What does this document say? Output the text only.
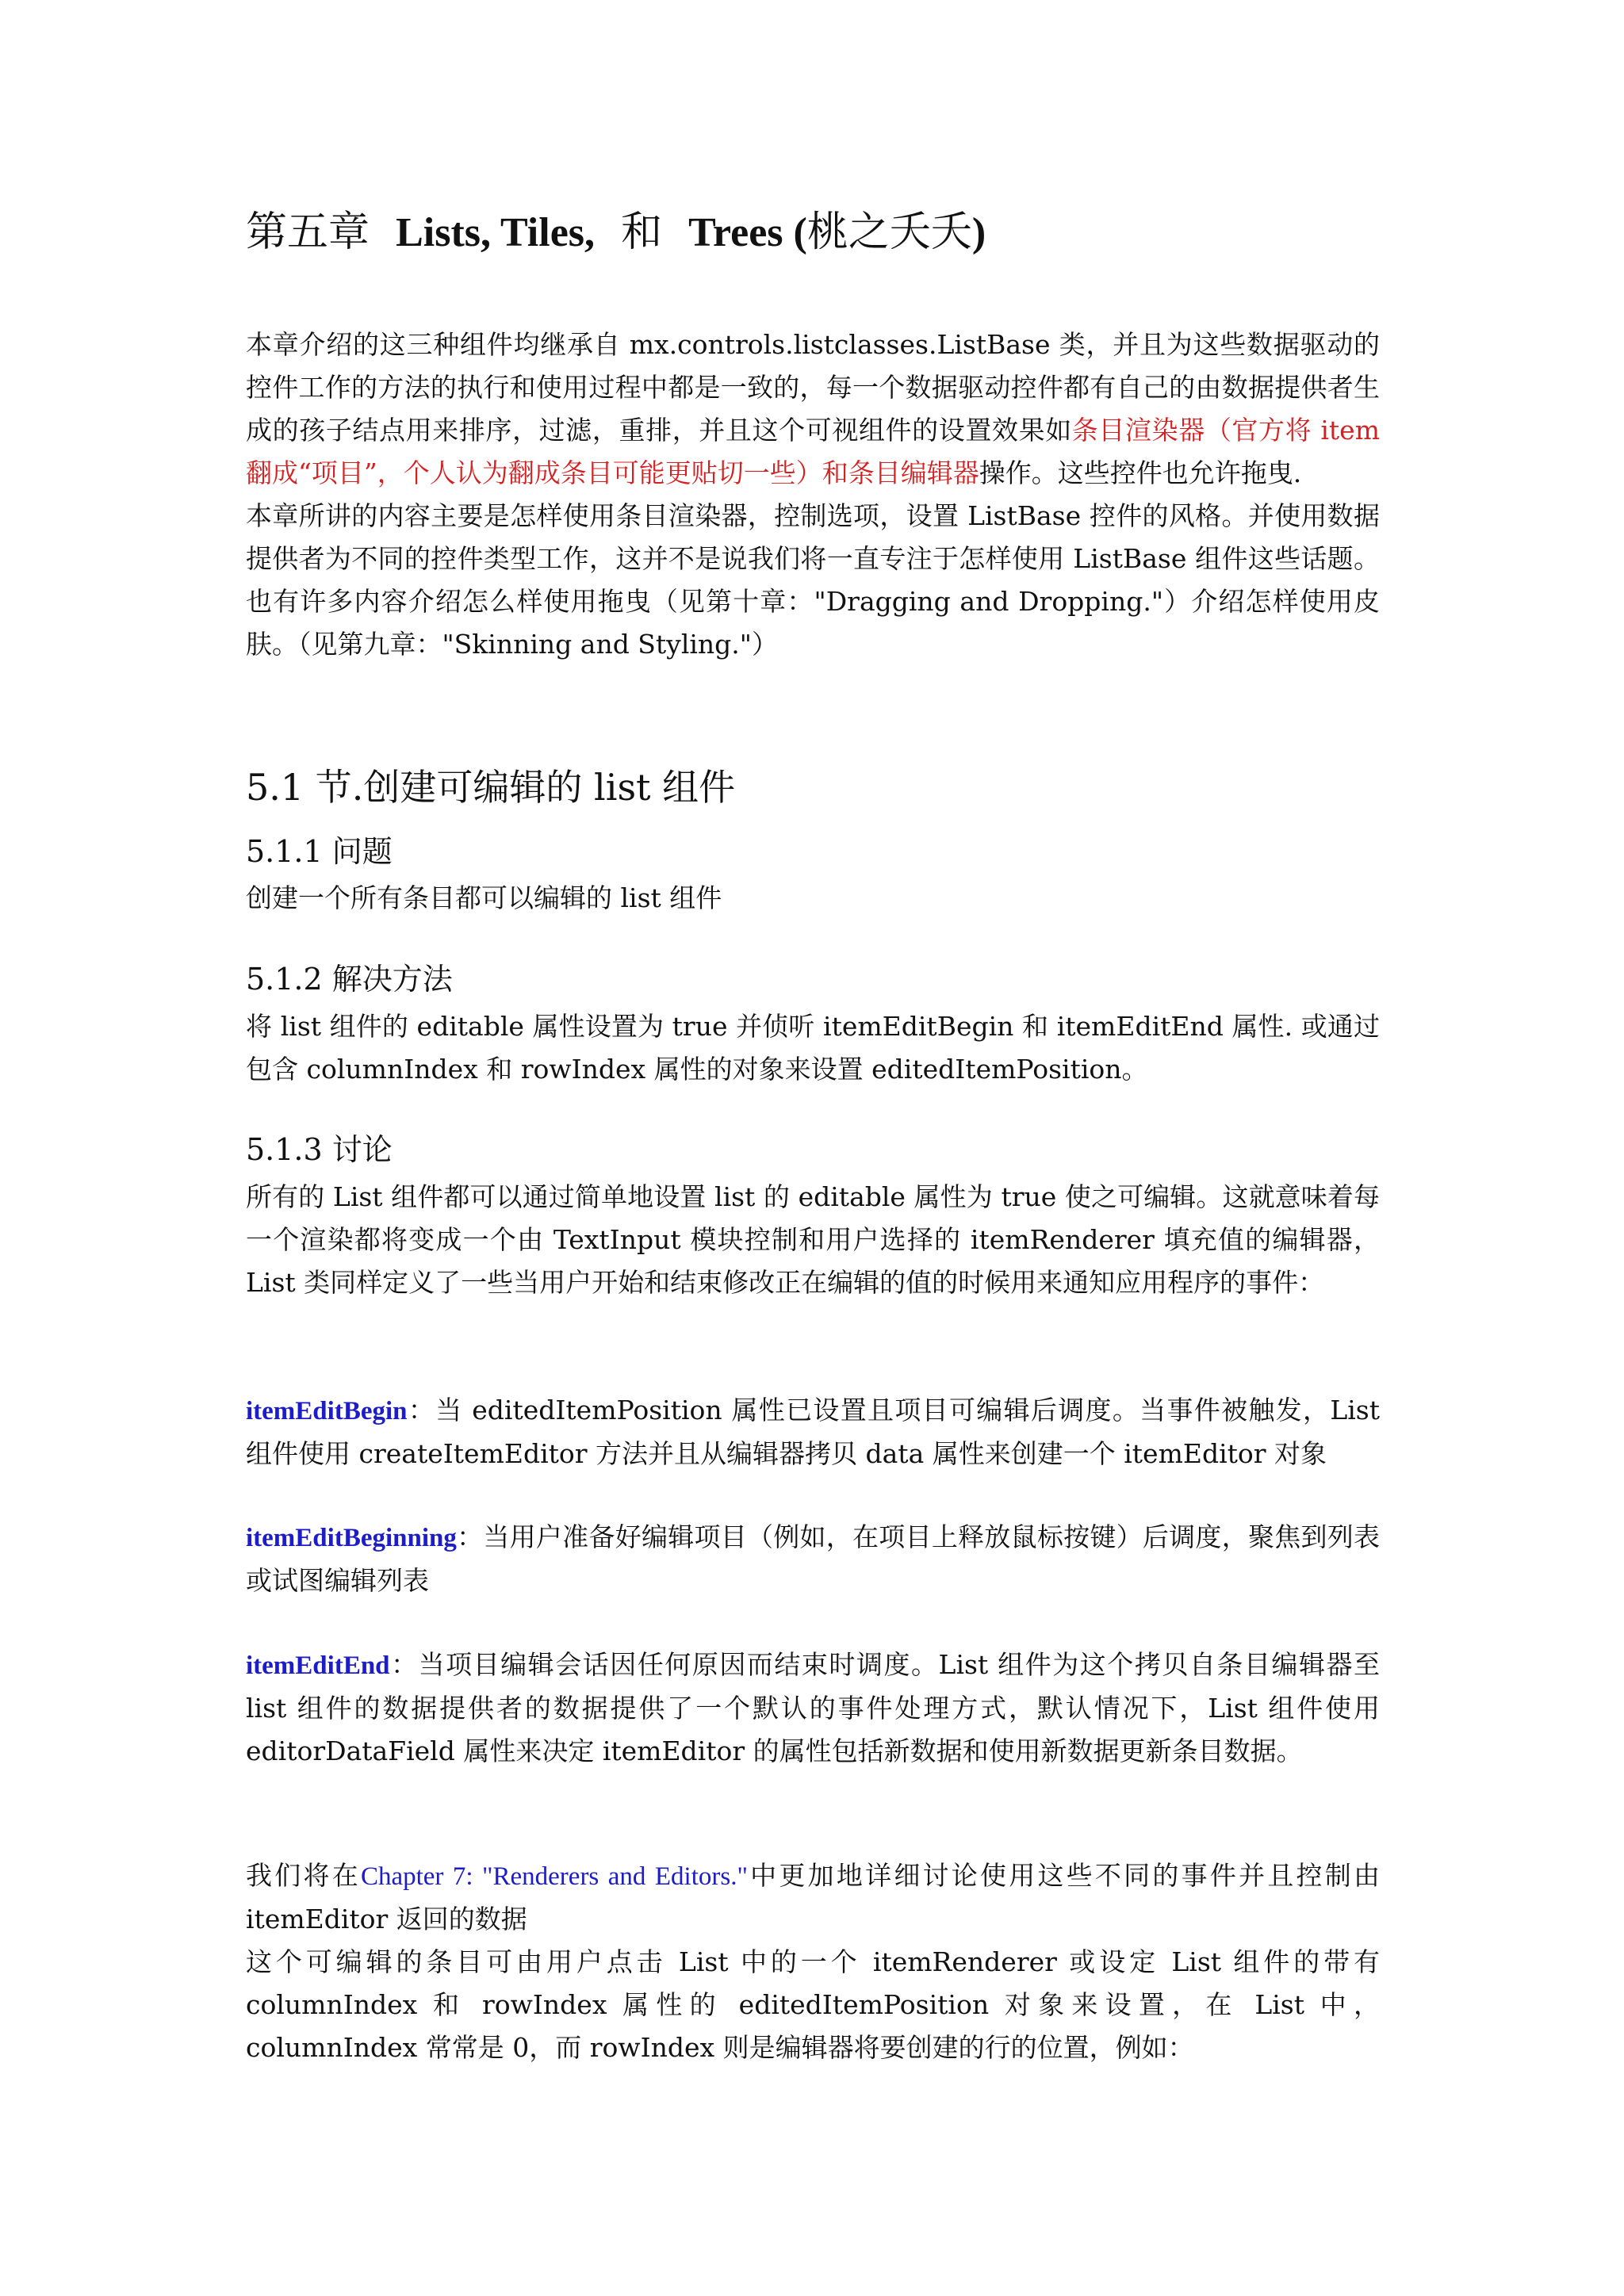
第五章 Lists, Tiles, 和 Trees (桃之夭夭)

本章介绍的这三种组件均继承自 mx.controls.listclasses.ListBase 类，并且为这些数据驱动的控件工作的方法的执行和使用过程中都是一致的，每一个数据驱动控件都有自己的由数据提供者生成的孩子结点用来排序，过滤，重排，并且这个可视组件的设置效果如条目渲染器（官方将 item 翻成“项目”，个人认为翻成条目可能更贴切一些）和条目编辑器操作。这些控件也允许拖曳.

本章所讲的内容主要是怎样使用条目渲染器，控制选项，设置 ListBase 控件的风格。并使用数据提供者为不同的控件类型工作，这并不是说我们将一直专注于怎样使用 ListBase 组件这些话题。也有许多内容介绍怎么样使用拖曳（见第十章："Dragging and Dropping."）介绍怎样使用皮肤。（见第九章："Skinning and Styling."）

5.1 节.创建可编辑的 list 组件
5.1.1 问题

创建一个所有条目都可以编辑的 list 组件

5.1.2 解决方法

将 list 组件的 editable 属性设置为 true 并侦听 itemEditBegin 和 itemEditEnd 属性. 或通过包含 columnIndex 和 rowIndex 属性的对象来设置 editedItemPosition。

5.1.3 讨论

所有的 List 组件都可以通过简单地设置 list 的 editable 属性为 true 使之可编辑。这就意味着每一个渲染都将变成一个由 TextInput 模块控制和用户选择的 itemRenderer 填充值的编辑器，List 类同样定义了一些当用户开始和结束修改正在编辑的值的时候用来通知应用程序的事件：

itemEditBegin：当 editedItemPosition 属性已设置且项目可编辑后调度。当事件被触发，List 组件使用 createItemEditor 方法并且从编辑器拷贝 data 属性来创建一个 itemEditor 对象

itemEditBeginning：当用户准备好编辑项目（例如，在项目上释放鼠标按键）后调度，聚焦到列表或试图编辑列表

itemEditEnd：当项目编辑会话因任何原因而结束时调度。List 组件为这个拷贝自条目编辑器至 list 组件的数据提供者的数据提供了一个默认的事件处理方式，默认情况下，List 组件使用 editorDataField 属性来决定 itemEditor 的属性包括新数据和使用新数据更新条目数据。

我们将在Chapter 7: "Renderers and Editors."中更加地详细讨论使用这些不同的事件并且控制由 itemEditor 返回的数据

这个可编辑的条目可由用户点击 List 中的一个 itemRenderer 或设定 List 组件的带有 columnIndex 和 rowIndex 属性的 editedItemPosition 对象来设置，在 List 中，columnIndex 常常是 0，而 rowIndex 则是编辑器将要创建的行的位置，例如：
